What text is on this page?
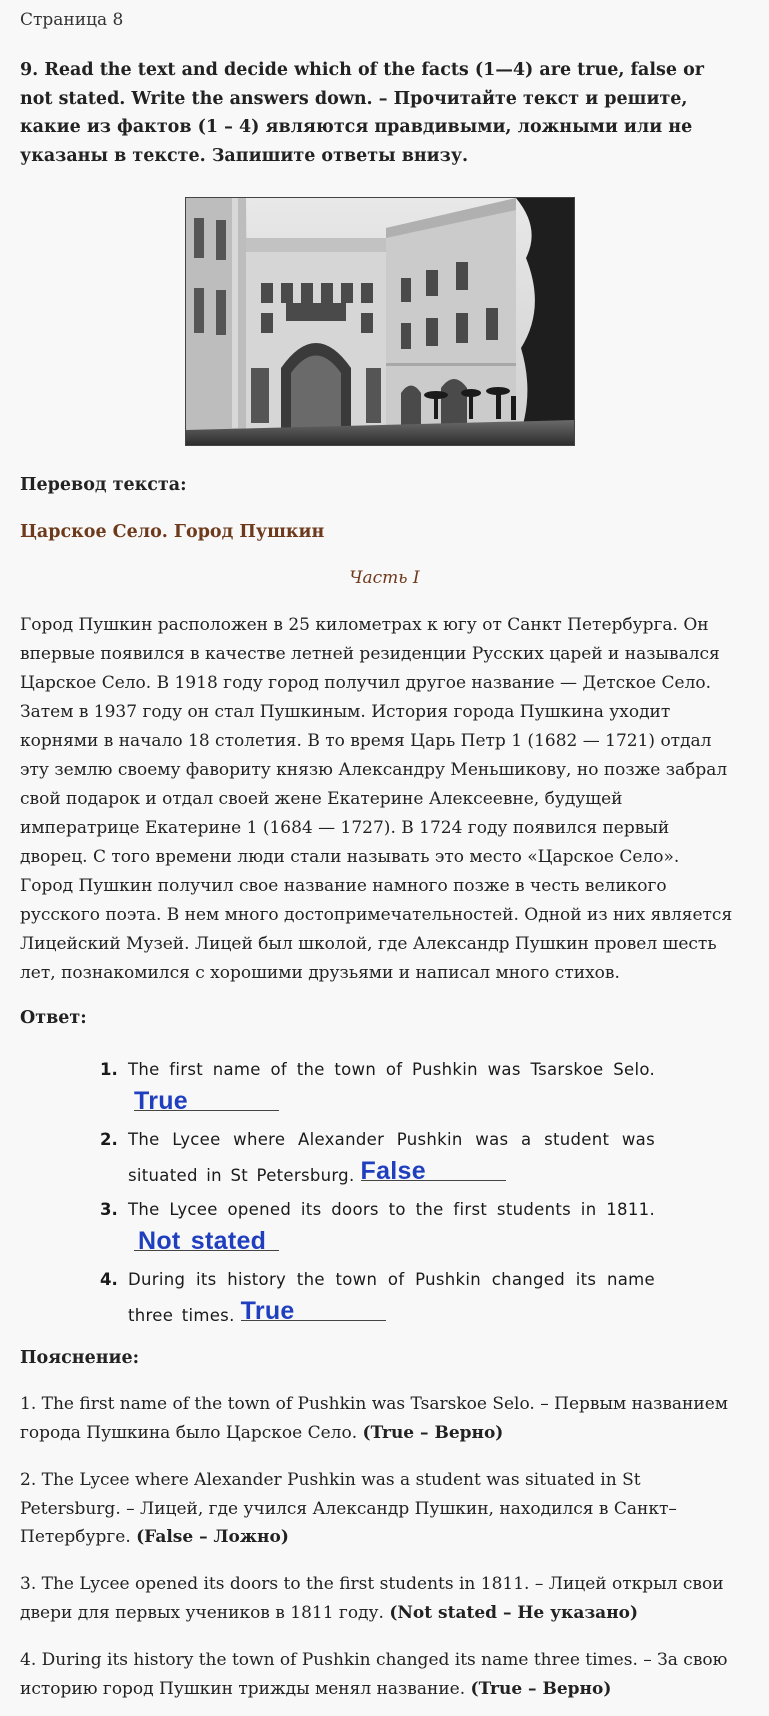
Страница 8
9. Read the text and decide which of the facts (1—4) are true, false or not stated. Write the answers down. – Прочитайте текст и решите, какие из фактов (1 – 4) являются правдивыми, ложными или не указаны в тексте. Запишите ответы внизу.
Перевод текста:
Царское Село. Город Пушкин
Часть I

Город Пушкин расположен в 25 километрах к югу от Санкт Петербурга. Он впервые появился в качестве летней резиденции Русских царей и назывался Царское Село. В 1918 году город получил другое название — Детское Село. Затем в 1937 году он стал Пушкиным. История города Пушкина уходит корнями в начало 18 столетия. В то время Царь Петр 1 (1682 — 1721) отдал эту землю своему фавориту князю Александру Меньшикову, но позже забрал свой подарок и отдал своей жене Екатерине Алексеевне, будущей императрице Екатерине 1 (1684 — 1727). В 1724 году появился первый дворец. С того времени люди стали называть это место «Царское Село».

Город Пушкин получил свое название намного позже в честь великого русского поэта. В нем много достопримечательностей. Одной из них является Лицейский Музей. Лицей был школой, где Александр Пушкин провел шесть лет, познакомился с хорошими друзьями и написал много стихов.

Ответ:
1. The first name of the town of Pushkin was Tsarskoe Selo.
True
2. The Lycee where Alexander Pushkin was a student was situated in St Petersburg. False
3. The Lycee opened its doors to the first students in 1811.
Not stated
4. During its history the town of Pushkin changed its name three times. True
Пояснение:
1. The first name of the town of Pushkin was Tsarskoe Selo. – Первым названием города Пушкина было Царское Село. (True – Верно)
2. The Lycee where Alexander Pushkin was a student was situated in St Petersburg. – Лицей, где учился Александр Пушкин, находился в Санкт–Петербурге. (False – Ложно)
3. The Lycee opened its doors to the first students in 1811. – Лицей открыл свои двери для первых учеников в 1811 году. (Not stated – Не указано)
4. During its history the town of Pushkin changed its name three times. – За свою историю город Пушкин трижды менял название. (True – Верно)
